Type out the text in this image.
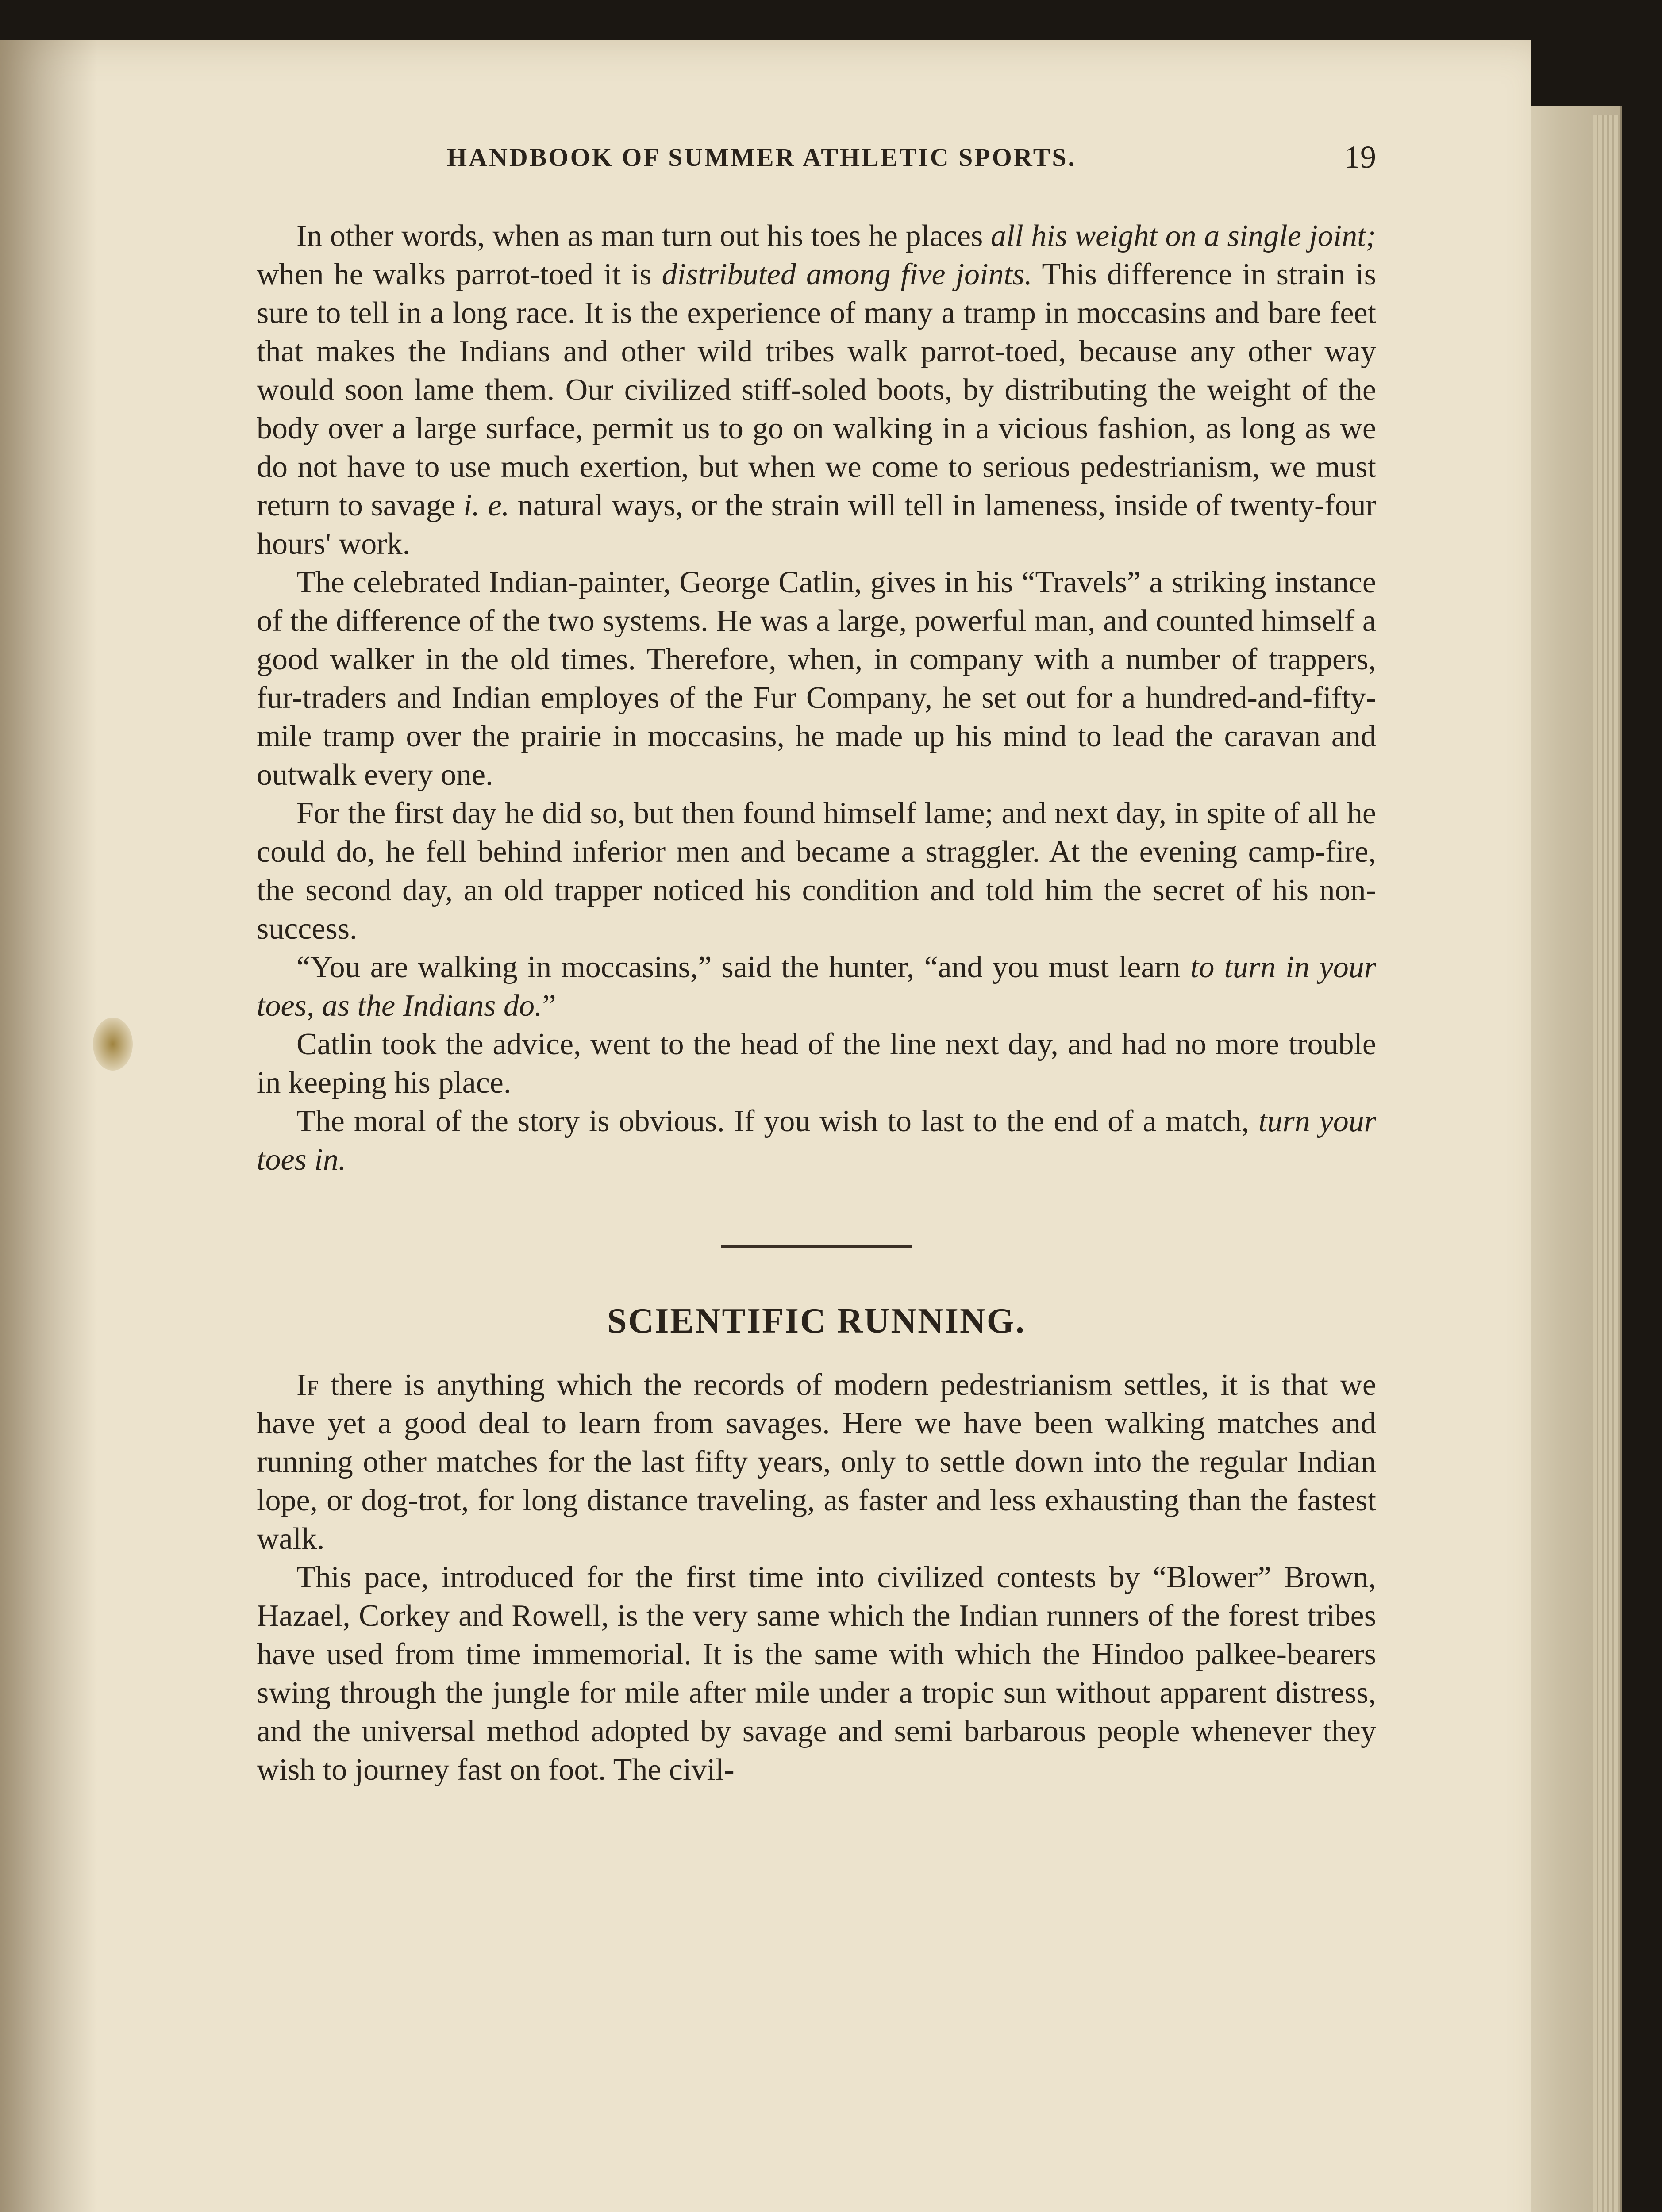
HANDBOOK OF SUMMER ATHLETIC SPORTS.	19

In other words, when as man turn out his toes he places all his weight on a single joint; when he walks parrot-toed it is distributed among five joints. This difference in strain is sure to tell in a long race. It is the experience of many a tramp in moccasins and bare feet that makes the Indians and other wild tribes walk parrot-toed, because any other way would soon lame them. Our civilized stiff-soled boots, by distributing the weight of the body over a large surface, permit us to go on walking in a vicious fashion, as long as we do not have to use much exertion, but when we come to serious pedestrianism, we must return to savage i. e. natural ways, or the strain will tell in lameness, inside of twenty-four hours' work.

The celebrated Indian-painter, George Catlin, gives in his “Travels” a striking instance of the difference of the two systems. He was a large, powerful man, and counted himself a good walker in the old times. Therefore, when, in company with a number of trappers, fur-traders and Indian employes of the Fur Company, he set out for a hundred-and-fifty-mile tramp over the prairie in moccasins, he made up his mind to lead the caravan and outwalk every one.

For the first day he did so, but then found himself lame; and next day, in spite of all he could do, he fell behind inferior men and became a straggler. At the evening camp-fire, the second day, an old trapper noticed his condition and told him the secret of his non-success.

“You are walking in moccasins,” said the hunter, “and you must learn to turn in your toes, as the Indians do.”

Catlin took the advice, went to the head of the line next day, and had no more trouble in keeping his place.

The moral of the story is obvious. If you wish to last to the end of a match, turn your toes in.

SCIENTIFIC RUNNING.

If there is anything which the records of modern pedestrianism settles, it is that we have yet a good deal to learn from savages. Here we have been walking matches and running other matches for the last fifty years, only to settle down into the regular Indian lope, or dog-trot, for long distance traveling, as faster and less exhausting than the fastest walk.

This pace, introduced for the first time into civilized contests by “Blower” Brown, Hazael, Corkey and Rowell, is the very same which the Indian runners of the forest tribes have used from time immemorial. It is the same with which the Hindoo palkee-bearers swing through the jungle for mile after mile under a tropic sun without apparent distress, and the universal method adopted by savage and semi barbarous people whenever they wish to journey fast on foot. The civil-
